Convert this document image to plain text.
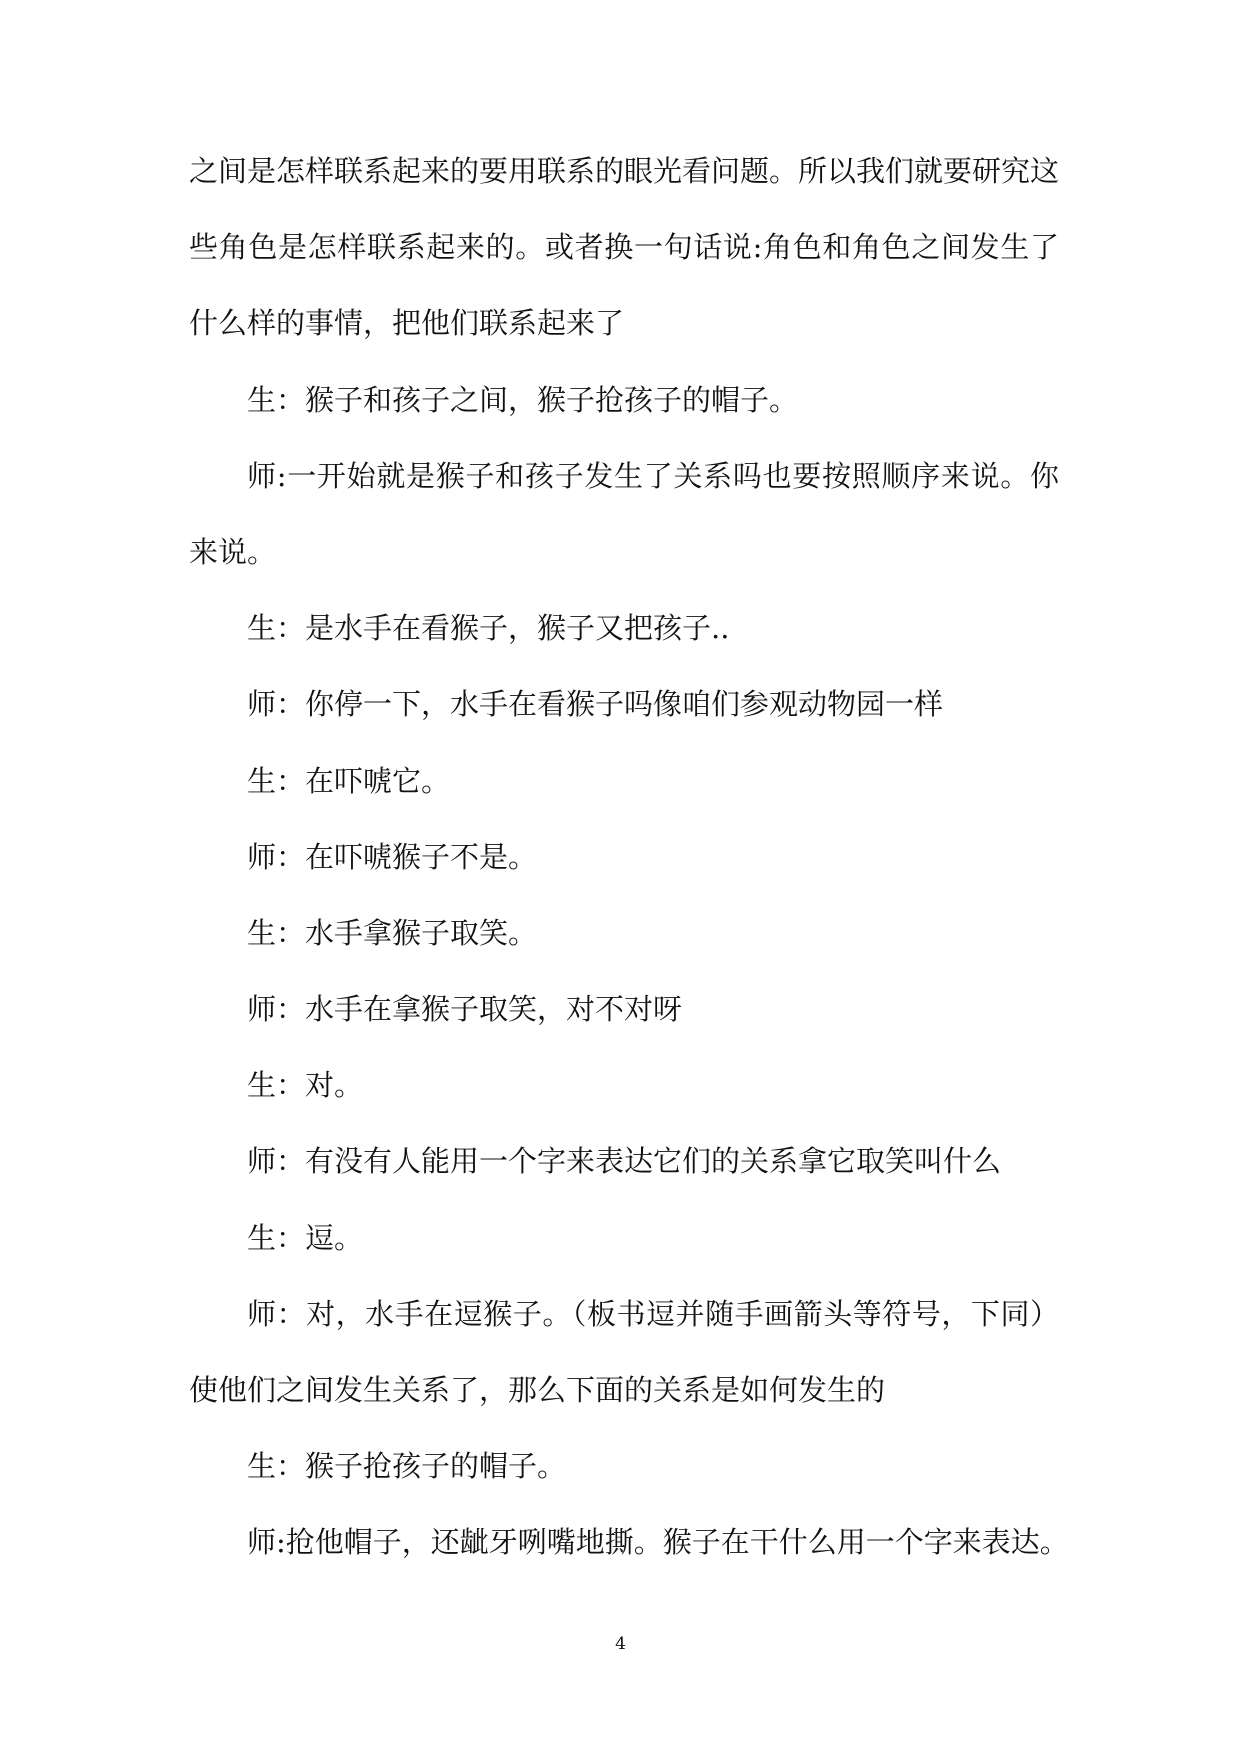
之间是怎样联系起来的要用联系的眼光看问题。所以我们就要研究这
些角色是怎样联系起来的。或者换一句话说:角色和角色之间发生了
什么样的事情，把他们联系起来了
生：猴子和孩子之间，猴子抢孩子的帽子。
师:一开始就是猴子和孩子发生了关系吗也要按照顺序来说。你
来说。
生：是水手在看猴子，猴子又把孩子..
师：你停一下，水手在看猴子吗像咱们参观动物园一样
生：在吓唬它。
师：在吓唬猴子不是。
生：水手拿猴子取笑。
师：水手在拿猴子取笑，对不对呀
生：对。
师：有没有人能用一个字来表达它们的关系拿它取笑叫什么
生：逗。
师：对，水手在逗猴子。（板书逗并随手画箭头等符号，下同）
使他们之间发生关系了，那么下面的关系是如何发生的
生：猴子抢孩子的帽子。
师:抢他帽子，还龇牙咧嘴地撕。猴子在干什么用一个字来表达。
4
